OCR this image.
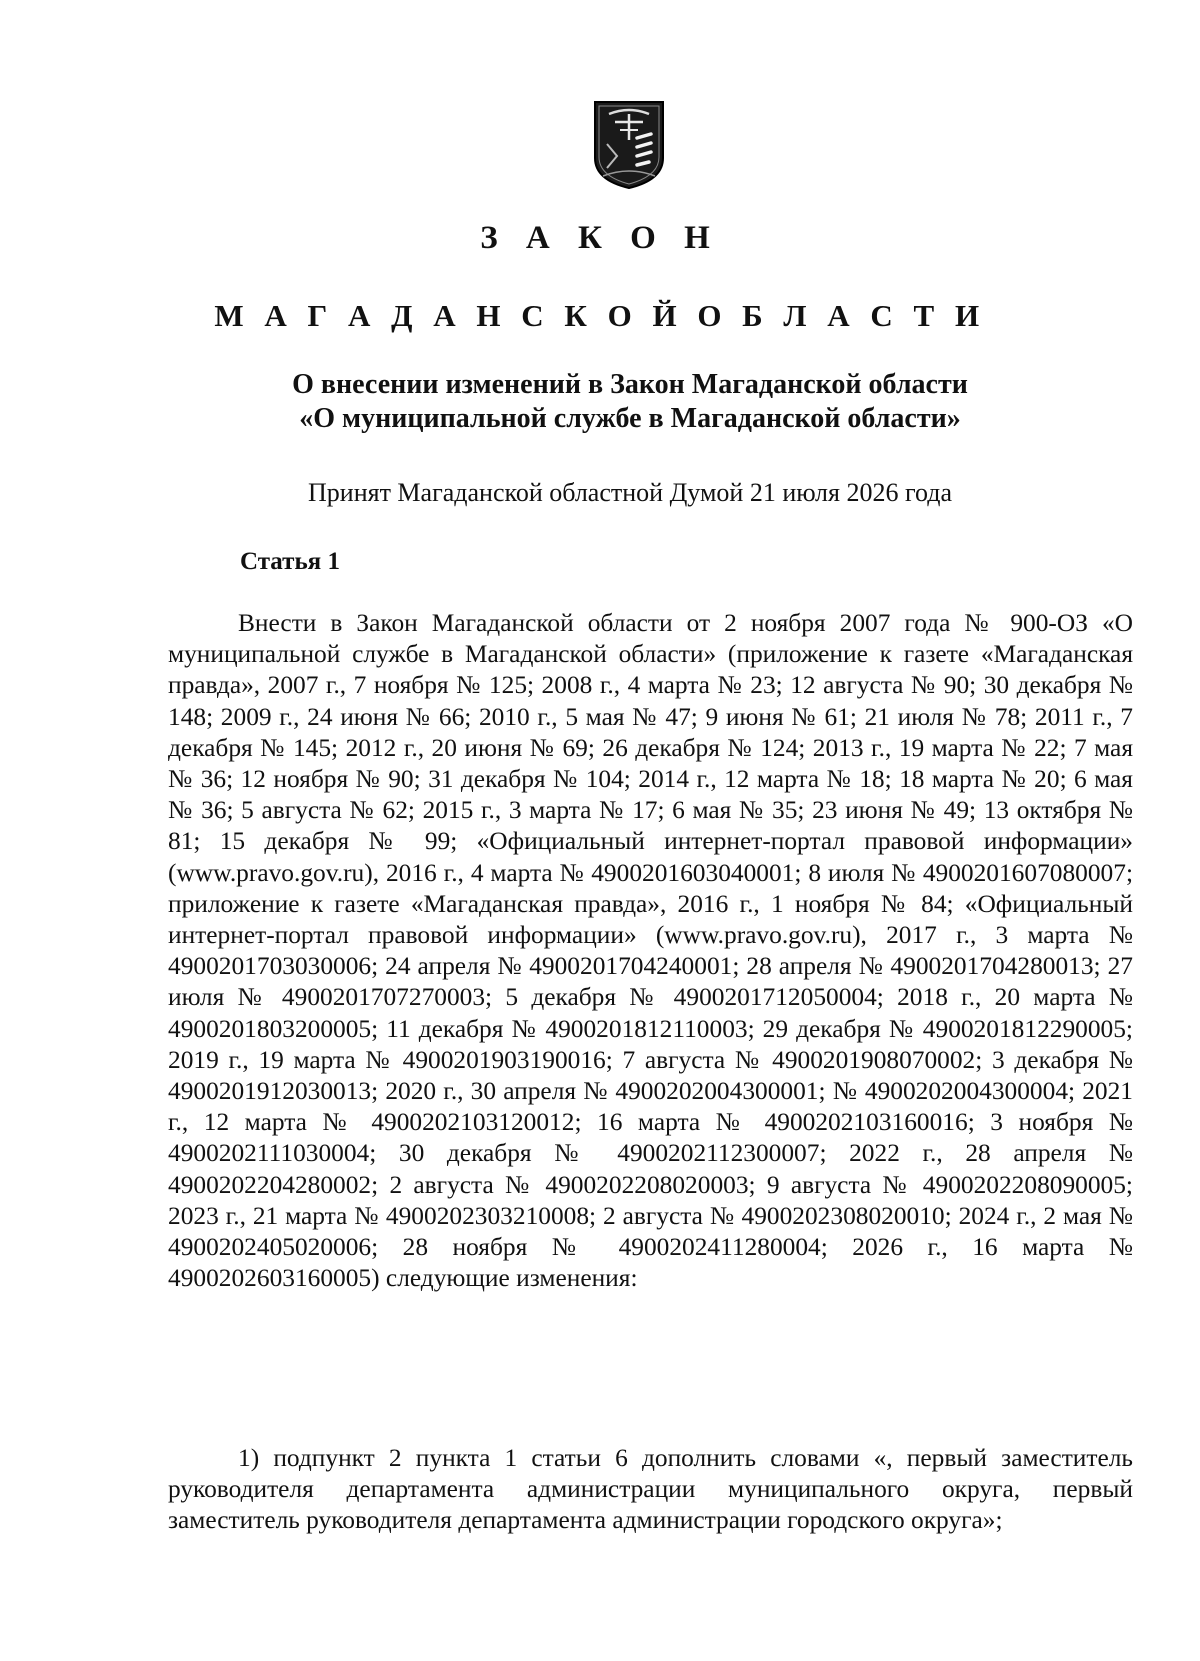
З А К О Н
М А Г А Д А Н С К О Й О Б Л А С Т И
О внесении изменений в Закон Магаданской области
«О муниципальной службе в Магаданской области»
Принят Магаданской областной Думой 21 июля 2026 года
Статья 1
Внести в Закон Магаданской области от 2 ноября 2007 года № 900-ОЗ «О муниципальной службе в Магаданской области» (приложение к газете «Магаданская правда», 2007 г., 7 ноября № 125; 2008 г., 4 марта № 23; 12 августа № 90; 30 декабря № 148; 2009 г., 24 июня № 66; 2010 г., 5 мая № 47; 9 июня № 61; 21 июля № 78; 2011 г., 7 декабря № 145; 2012 г., 20 июня № 69; 26 декабря № 124; 2013 г., 19 марта № 22; 7 мая № 36; 12 ноября № 90; 31 декабря № 104; 2014 г., 12 марта № 18; 18 марта № 20; 6 мая № 36; 5 августа № 62; 2015 г., 3 марта № 17; 6 мая № 35; 23 июня № 49; 13 октября № 81; 15 декабря № 99; «Официальный интернет-портал правовой информации» (www.pravo.gov.ru), 2016 г., 4 марта № 4900201603040001; 8 июля № 4900201607080007; приложение к газете «Магаданская правда», 2016 г., 1 ноября № 84; «Официальный интернет-портал правовой информации» (www.pravo.gov.ru), 2017 г., 3 марта № 4900201703030006; 24 апреля № 4900201704240001; 28 апреля № 4900201704280013; 27 июля № 4900201707270003; 5 декабря № 4900201712050004; 2018 г., 20 марта № 4900201803200005; 11 декабря № 4900201812110003; 29 декабря № 4900201812290005; 2019 г., 19 марта № 4900201903190016; 7 августа № 4900201908070002; 3 декабря № 4900201912030013; 2020 г., 30 апреля № 4900202004300001; № 4900202004300004; 2021 г., 12 марта № 4900202103120012; 16 марта № 4900202103160016; 3 ноября № 4900202111030004; 30 декабря № 4900202112300007; 2022 г., 28 апреля № 4900202204280002; 2 августа № 4900202208020003; 9 августа № 4900202208090005; 2023 г., 21 марта № 4900202303210008; 2 августа № 4900202308020010; 2024 г., 2 мая № 4900202405020006; 28 ноября № 4900202411280004; 2026 г., 16 марта № 4900202603160005) следующие изменения:
1) подпункт 2 пункта 1 статьи 6 дополнить словами «, первый заместитель руководителя департамента администрации муниципального округа, первый заместитель руководителя департамента администрации городского округа»;
